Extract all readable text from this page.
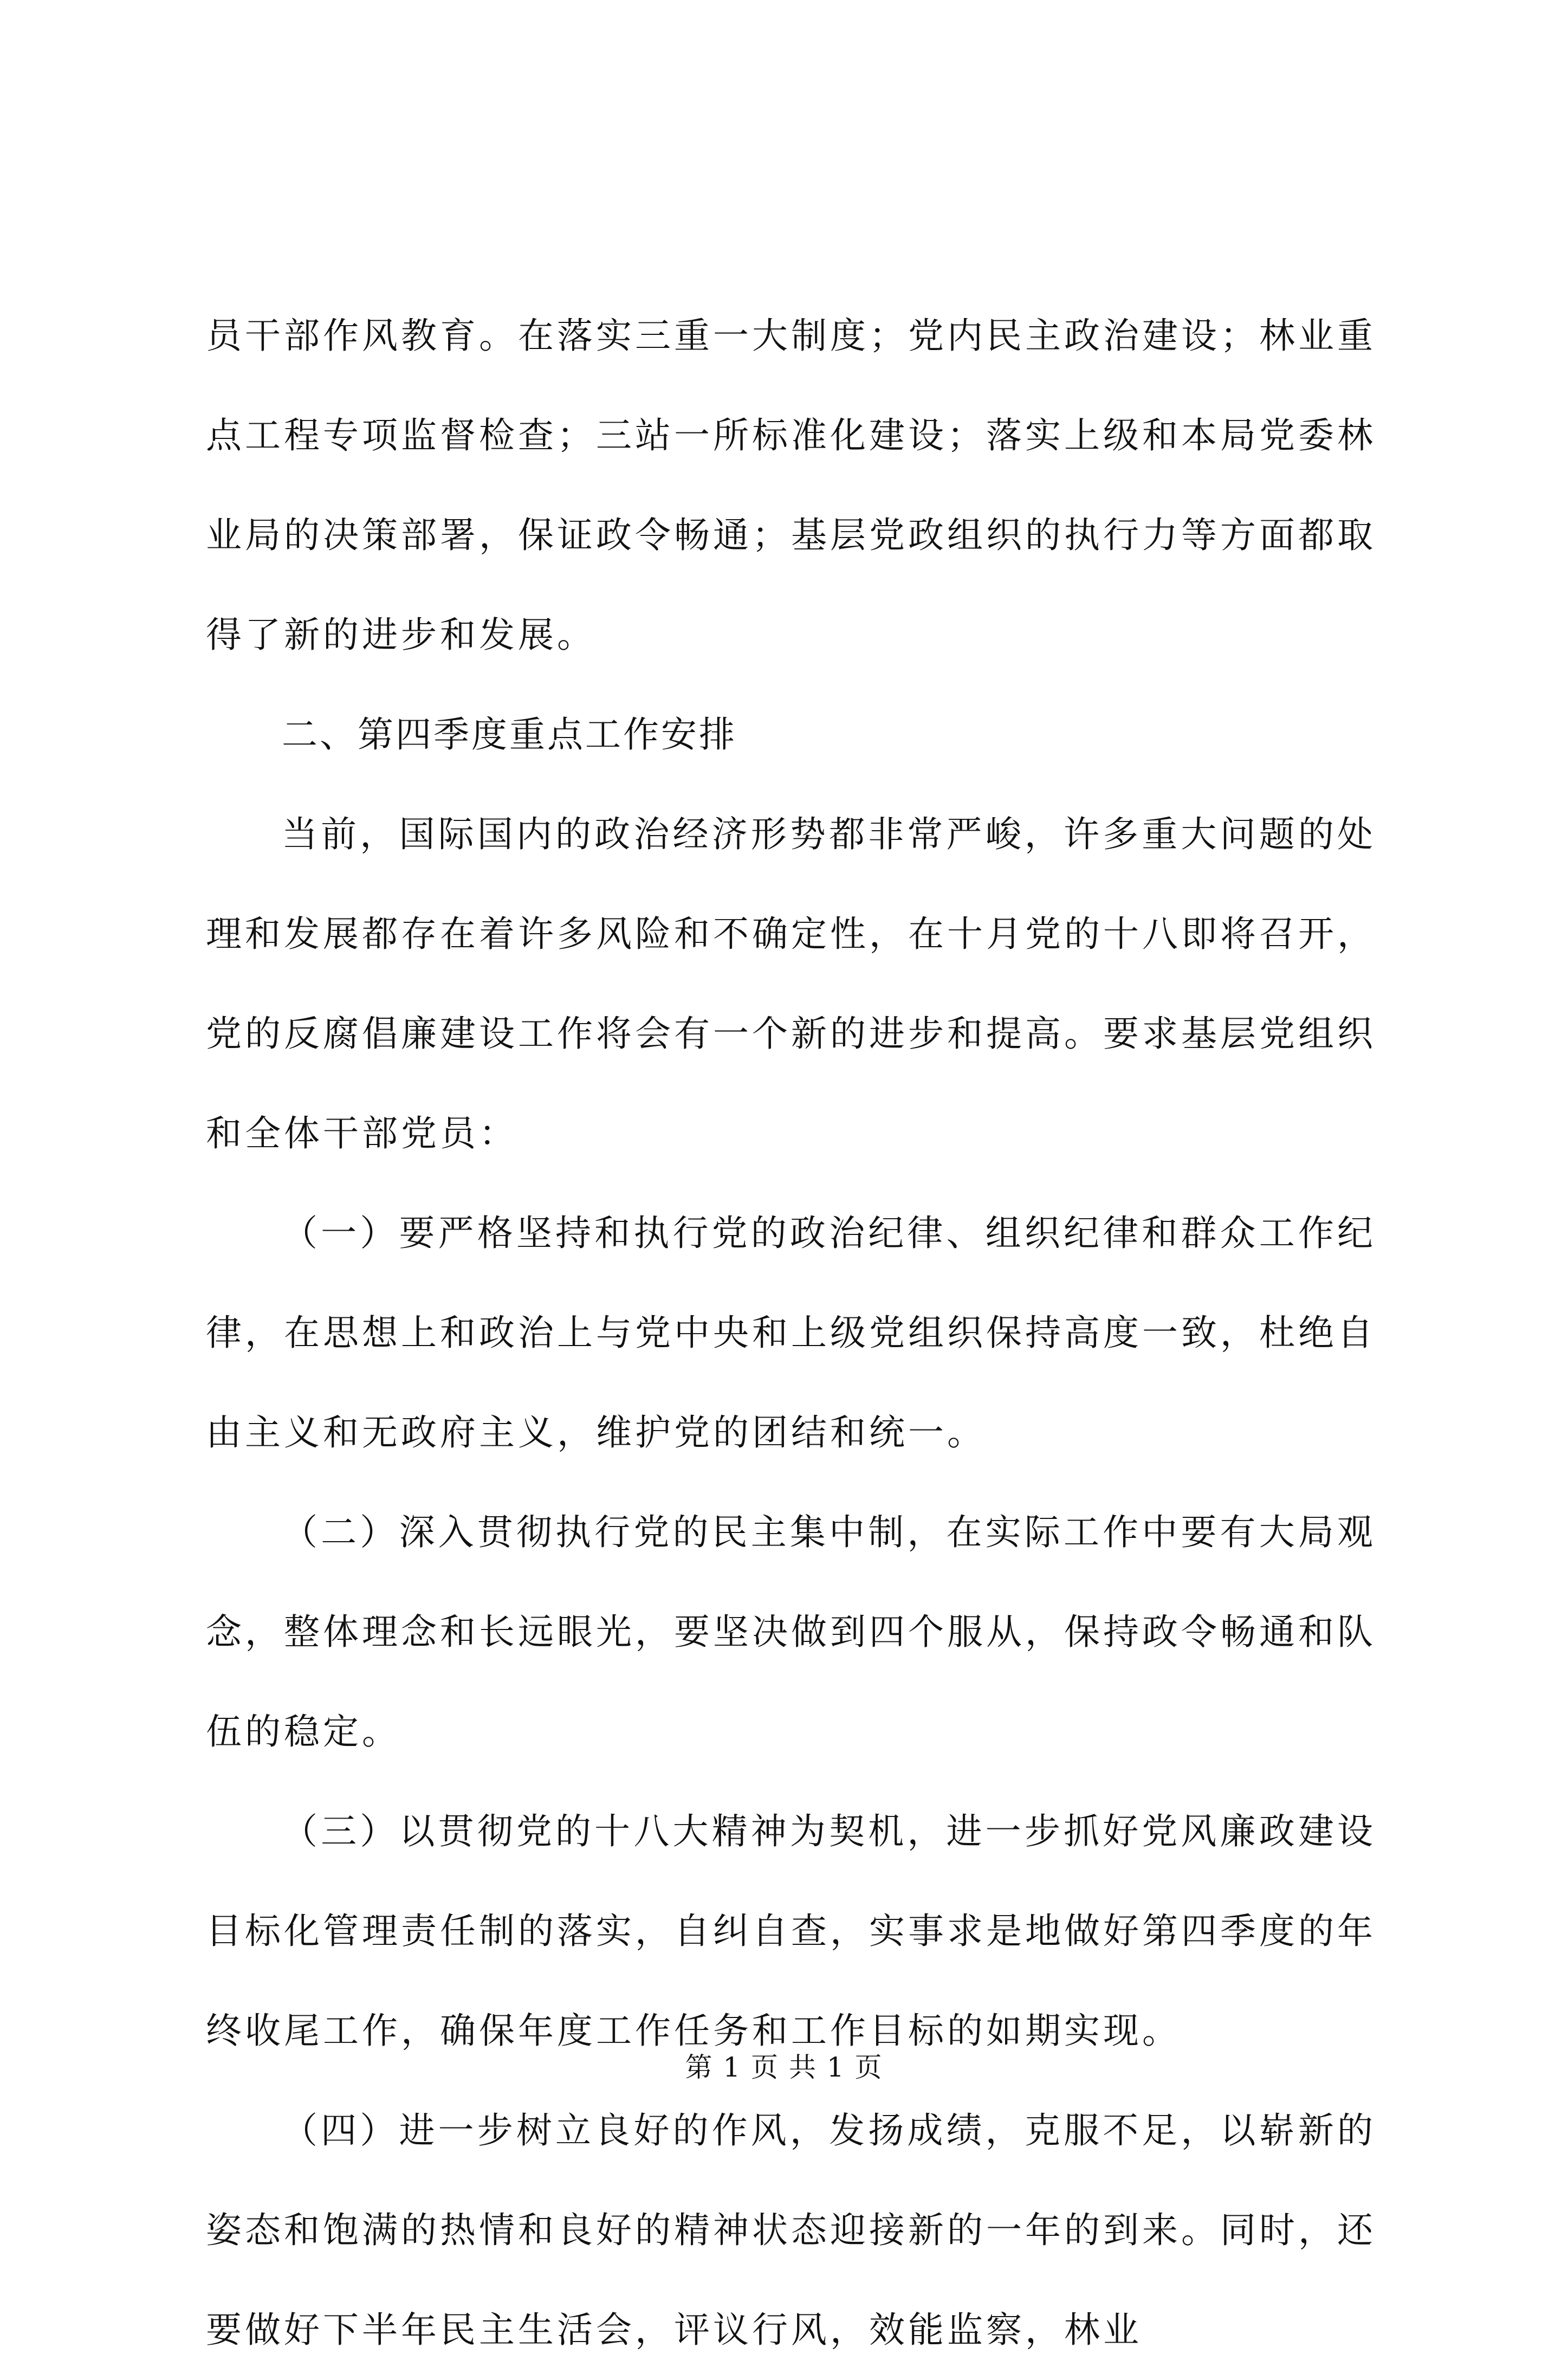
员干部作风教育。在落实三重一大制度；党内民主政治建设；林业重点工程专项监督检查；三站一所标准化建设；落实上级和本局党委林业局的决策部署，保证政令畅通；基层党政组织的执行力等方面都取得了新的进步和发展。

二、第四季度重点工作安排

当前，国际国内的政治经济形势都非常严峻，许多重大问题的处理和发展都存在着许多风险和不确定性，在十月党的十八即将召开，党的反腐倡廉建设工作将会有一个新的进步和提高。要求基层党组织和全体干部党员：

（一）要严格坚持和执行党的政治纪律、组织纪律和群众工作纪律，在思想上和政治上与党中央和上级党组织保持高度一致，杜绝自由主义和无政府主义，维护党的团结和统一。

（二）深入贯彻执行党的民主集中制，在实际工作中要有大局观念，整体理念和长远眼光，要坚决做到四个服从，保持政令畅通和队伍的稳定。

（三）以贯彻党的十八大精神为契机，进一步抓好党风廉政建设目标化管理责任制的落实，自纠自查，实事求是地做好第四季度的年终收尾工作，确保年度工作任务和工作目标的如期实现。

（四）进一步树立良好的作风，发扬成绩，克服不足，以崭新的姿态和饱满的热情和良好的精神状态迎接新的一年的到来。同时，还要做好下半年民主生活会，评议行风，效能监察，林业

第 1 页 共 1 页
